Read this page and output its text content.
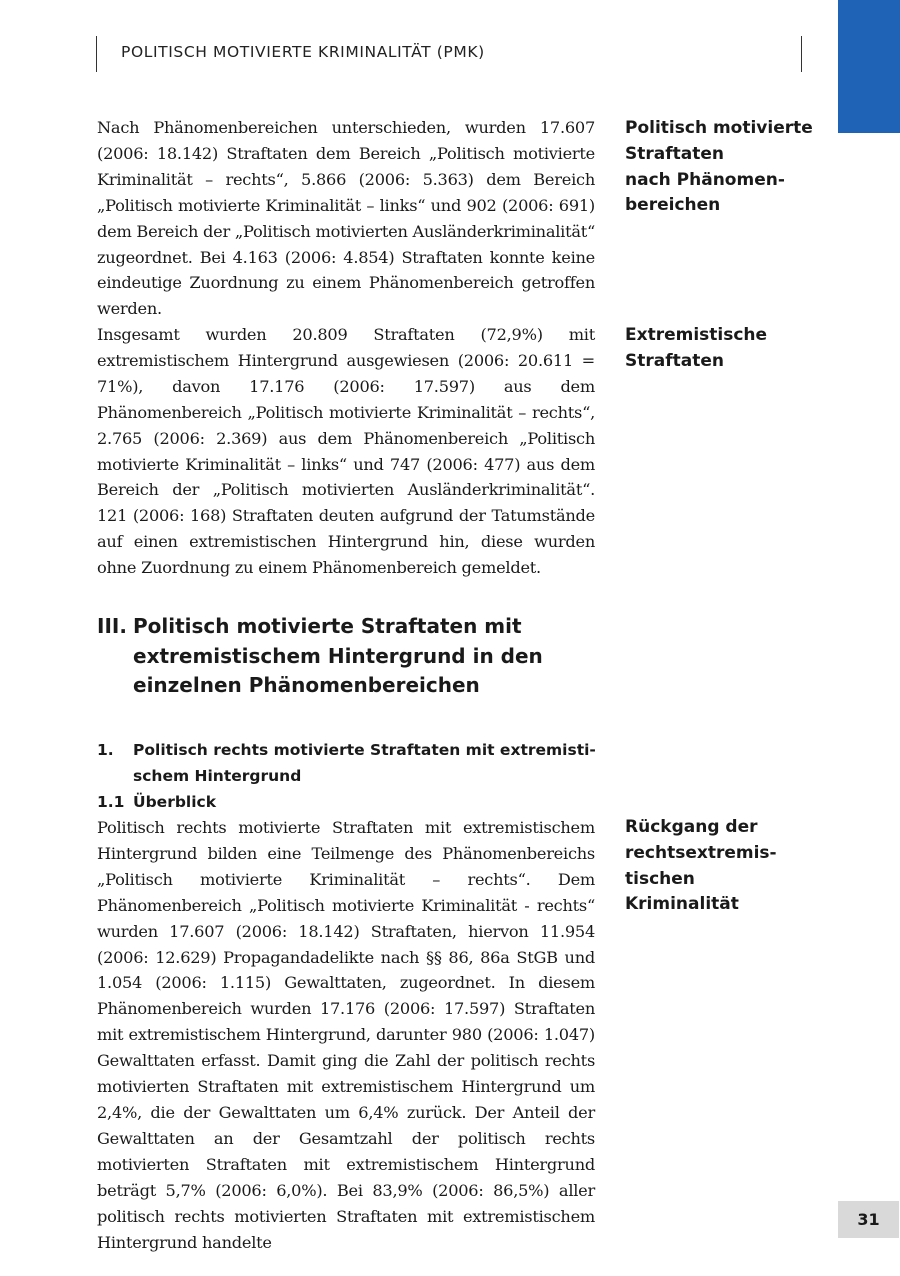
POLITISCH MOTIVIERTE KRIMINALITÄT (PMK)

Nach Phänomenbereichen unterschieden, wurden 17.607 (2006: 18.142) Straftaten dem Bereich „Politisch motivierte Kriminalität – rechts“, 5.866 (2006: 5.363) dem Bereich „Politisch motivierte Kriminalität – links“ und 902 (2006: 691) dem Bereich der „Politisch motivierten Ausländerkriminalität“ zugeordnet. Bei 4.163 (2006: 4.854) Straftaten konnte keine eindeutige Zuordnung zu einem Phänomenbereich getroffen werden.

Politisch motivierte
Straftaten
nach Phänomen-
bereichen

Insgesamt wurden 20.809 Straftaten (72,9%) mit extremistischem Hintergrund ausgewiesen (2006: 20.611 = 71%), davon 17.176 (2006: 17.597) aus dem Phänomenbereich „Politisch motivierte Kriminalität – rechts“, 2.765 (2006: 2.369) aus dem Phänomenbereich „Politisch motivierte Kriminalität – links“ und 747 (2006: 477) aus dem Bereich der „Politisch motivierten Ausländerkriminalität“. 121 (2006: 168) Straftaten deuten aufgrund der Tatumstände auf einen extremistischen Hintergrund hin, diese wurden ohne Zuordnung zu einem Phänomenbereich gemeldet.

Extremistische
Straftaten
III. Politisch motivierte Straftaten mit
extremistischem Hintergrund in den
einzelnen Phänomenbereichen
1. Politisch rechts motivierte Straftaten mit extremisti-
schem Hintergrund
1.1 Überblick

Politisch rechts motivierte Straftaten mit extremistischem Hintergrund bilden eine Teilmenge des Phänomenbereichs „Politisch motivierte Kriminalität – rechts“. Dem Phänomenbereich „Politisch motivierte Kriminalität - rechts“ wurden 17.607 (2006: 18.142) Straftaten, hiervon 11.954 (2006: 12.629) Propagandadelikte nach §§ 86, 86a StGB und 1.054 (2006: 1.115) Gewalttaten, zugeordnet. In diesem Phänomenbereich wurden 17.176 (2006: 17.597) Straftaten mit extremistischem Hintergrund, darunter 980 (2006: 1.047) Gewalttaten erfasst. Damit ging die Zahl der politisch rechts motivierten Straftaten mit extremistischem Hintergrund um 2,4%, die der Gewalttaten um 6,4% zurück. Der Anteil der Gewalttaten an der Gesamtzahl der politisch rechts motivierten Straftaten mit extremistischem Hintergrund beträgt 5,7% (2006: 6,0%). Bei 83,9% (2006: 86,5%) aller politisch rechts motivierten Straftaten mit extremistischem Hintergrund handelte

Rückgang der
rechtsextremis-
tischen
Kriminalität
31
